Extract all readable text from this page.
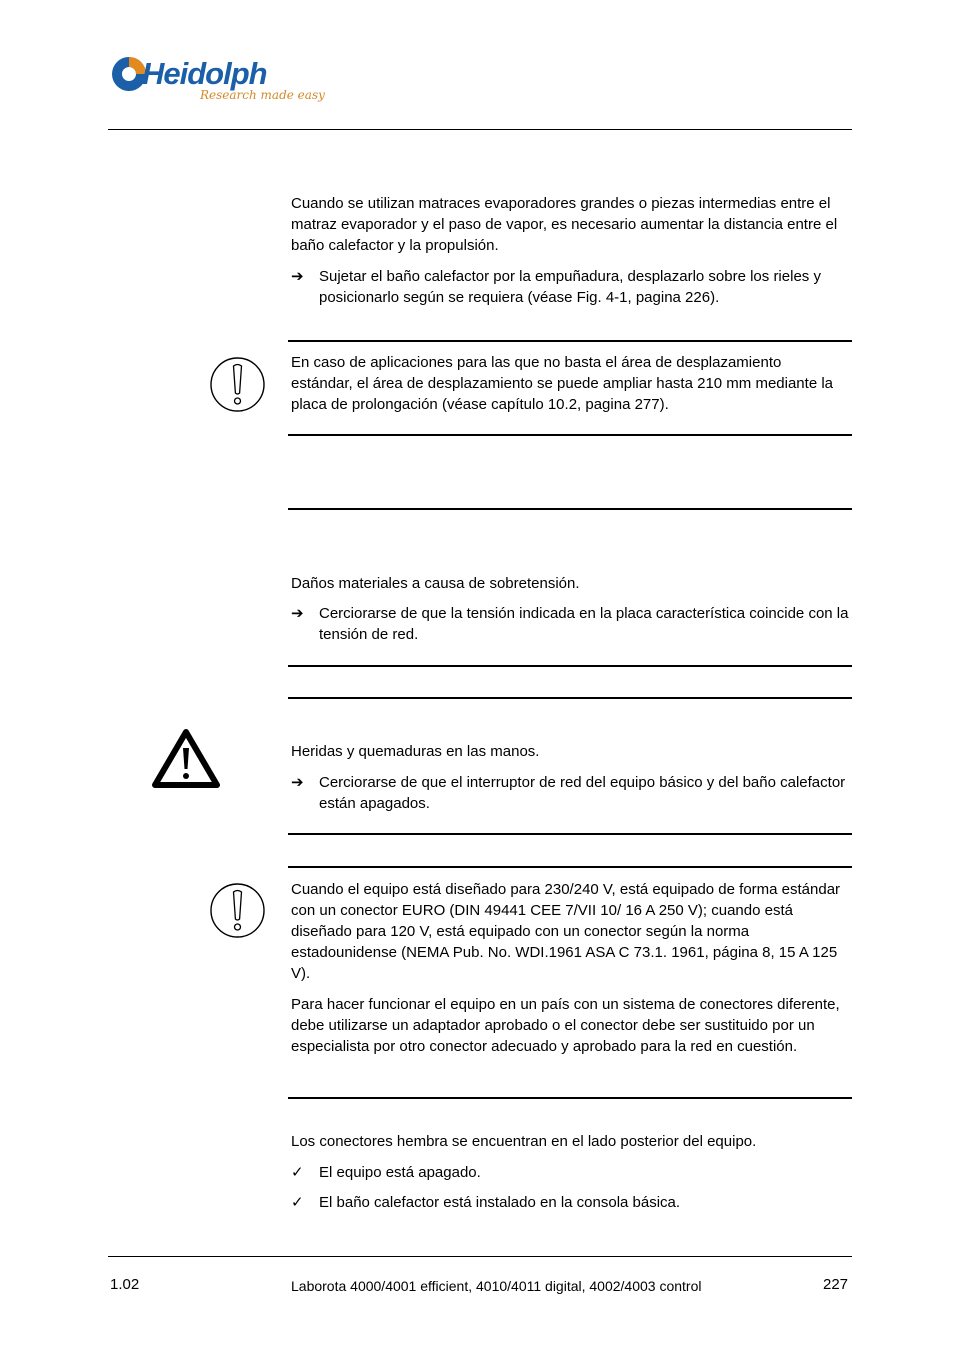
Heidolph
Research made easy
Cuando se utilizan matraces evaporadores grandes o piezas intermedias entre el matraz evaporador y el paso de vapor, es necesario aumentar la distancia entre el baño calefactor y la propulsión.
➔ Sujetar el baño calefactor por la empuñadura, desplazarlo sobre los rieles y posicionarlo según se requiera (véase Fig. 4-1, pagina 226).
En caso de aplicaciones para las que no basta el área de desplazamiento estándar, el área de desplazamiento se puede ampliar hasta 210 mm mediante la placa de prolongación (véase capítulo 10.2, pagina 277).
Daños materiales a causa de sobretensión.
➔ Cerciorarse de que la tensión indicada en la placa característica coincide con la tensión de red.
Heridas y quemaduras en las manos.
➔ Cerciorarse de que el interruptor de red del equipo básico y del baño calefactor están apagados.
Cuando el equipo está diseñado para 230/240 V, está equipado de forma estándar con un conector EURO (DIN 49441 CEE 7/VII 10/ 16 A 250 V); cuando está diseñado para 120 V, está equipado con un conector según la norma estadounidense (NEMA Pub. No. WDI.1961 ASA C 73.1. 1961, página 8, 15 A 125 V).
Para hacer funcionar el equipo en un país con un sistema de conectores diferente, debe utilizarse un adaptador aprobado o el conector debe ser sustituido por un especialista por otro conector adecuado y aprobado para la red en cuestión.
Los conectores hembra se encuentran en el lado posterior del equipo.
✓ El equipo está apagado.
✓ El baño calefactor está instalado en la consola básica.
1.02	Laborota 4000/4001 efficient, 4010/4011 digital, 4002/4003 control	227
